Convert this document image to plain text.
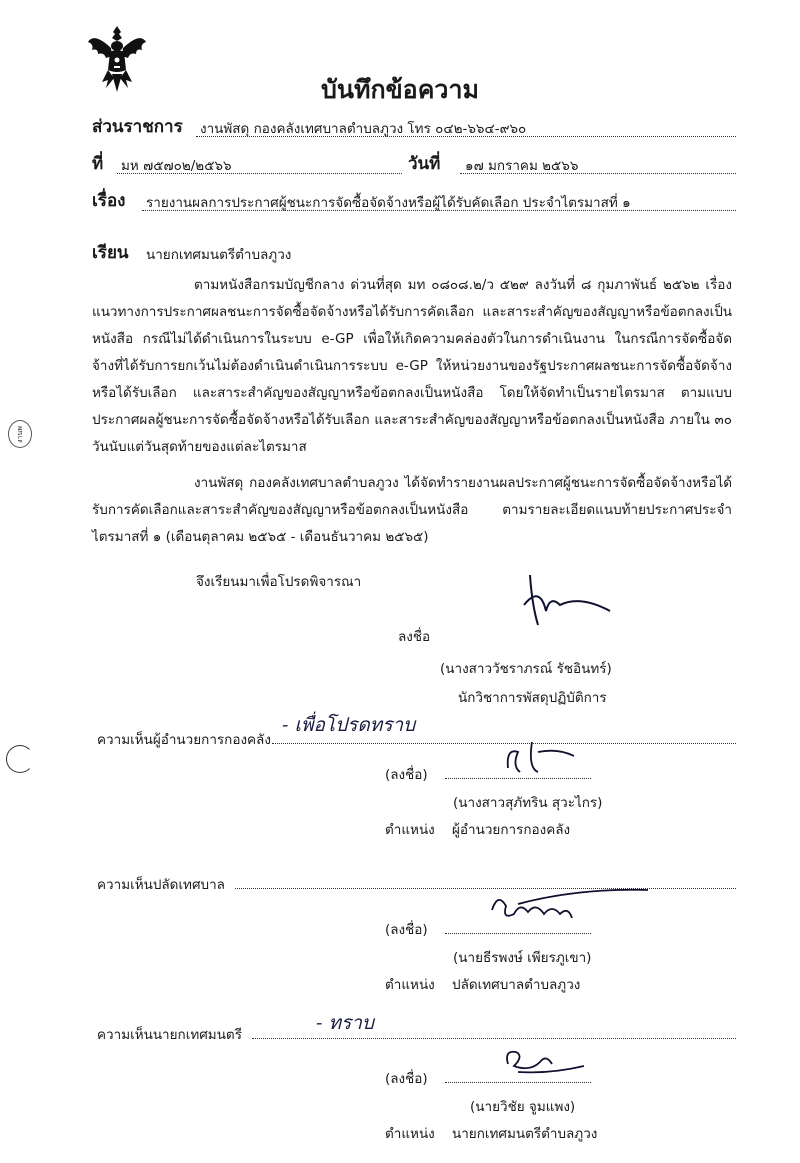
บันทึกข้อความ
ส่วนราชการ งานพัสดุ กองคลังเทศบาลตำบลภูวง โทร ๐๔๒-๖๖๔-๙๖๐
ที่ มห ๗๕๗๐๒/๒๕๖๖	วันที่ ๑๗ มกราคม ๒๕๖๖
เรื่อง รายงานผลการประกาศผู้ชนะการจัดซื้อจัดจ้างหรือผู้ได้รับคัดเลือก ประจำไตรมาสที่ ๑
เรียน นายกเทศมนตรีตำบลภูวง
ตามหนังสือกรมบัญชีกลาง ด่วนที่สุด มท ๐๘๐๘.๒/ว ๕๒๙ ลงวันที่ ๘ กุมภาพันธ์ ๒๕๖๒ เรื่องแนวทางการประกาศผลชนะการจัดซื้อจัดจ้างหรือได้รับการคัดเลือก และสาระสำคัญของสัญญาหรือข้อตกลงเป็นหนังสือ กรณีไม่ได้ดำเนินการในระบบ e-GP เพื่อให้เกิดความคล่องตัวในการดำเนินงาน ในกรณีการจัดซื้อจัดจ้างที่ได้รับการยกเว้นไม่ต้องดำเนินดำเนินการระบบ e-GP ให้หน่วยงานของรัฐประกาศผลชนะการจัดซื้อจัดจ้างหรือได้รับเลือก และสาระสำคัญของสัญญาหรือข้อตกลงเป็นหนังสือ โดยให้จัดทำเป็นรายไตรมาส ตามแบบประกาศผลผู้ชนะการจัดซื้อจัดจ้างหรือได้รับเลือก และสาระสำคัญของสัญญาหรือข้อตกลงเป็นหนังสือ ภายใน ๓๐ วันนับแต่วันสุดท้ายของแต่ละไตรมาส
งานพัสดุ กองคลังเทศบาลตำบลภูวง ได้จัดทำรายงานผลประกาศผู้ชนะการจัดซื้อจัดจ้างหรือได้รับการคัดเลือกและสาระสำคัญของสัญญาหรือข้อตกลงเป็นหนังสือ ตามรายละเอียดแนบท้ายประกาศประจำไตรมาสที่ ๑ (เดือนตุลาคม ๒๕๖๕ - เดือนธันวาคม ๒๕๖๕)
จึงเรียนมาเพื่อโปรดพิจารณา
งานพ
ลงชื่อ
(นางสาววัชราภรณ์ รัชอินทร์)
นักวิชาการพัสดุปฏิบัติการ
ความเห็นผู้อำนวยการกองคลัง
- เพื่อโปรดทราบ
(ลงชื่อ)
(นางสาวสุภัทริน สุวะไกร)
ตำแหน่ง ผู้อำนวยการกองคลัง
ความเห็นปลัดเทศบาล
(ลงชื่อ)
(นายธีรพงษ์ เพียรภูเขา)
ตำแหน่ง ปลัดเทศบาลตำบลภูวง
ความเห็นนายกเทศมนตรี
- ทราบ
(ลงชื่อ)
(นายวิชัย จูมแพง)
ตำแหน่ง นายกเทศมนตรีตำบลภูวง
